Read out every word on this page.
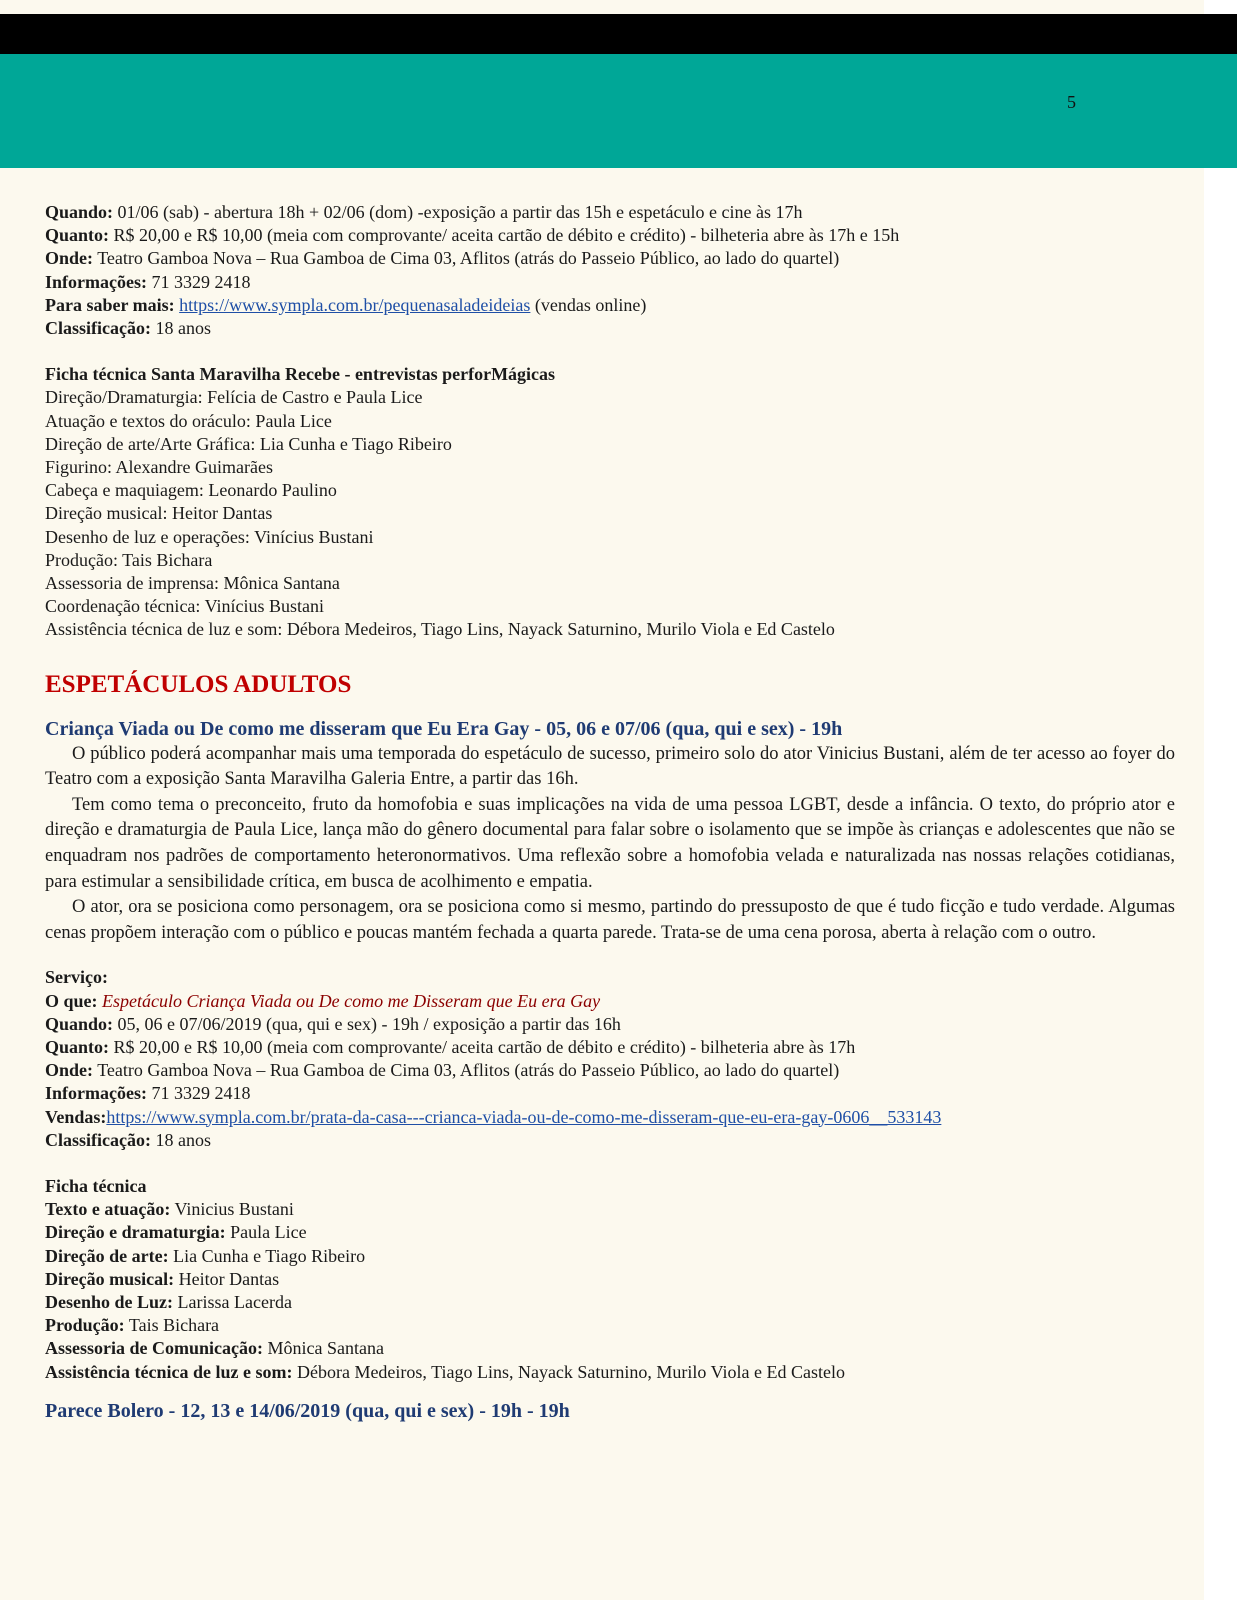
5
Quando: 01/06 (sab) - abertura 18h + 02/06 (dom) -exposição a partir das 15h e espetáculo e cine às 17h
Quanto: R$ 20,00 e R$ 10,00 (meia com comprovante/ aceita cartão de débito e crédito) - bilheteria abre às 17h e 15h
Onde: Teatro Gamboa Nova – Rua Gamboa de Cima 03, Aflitos (atrás do Passeio Público, ao lado do quartel)
Informações: 71 3329 2418
Para saber mais: https://www.sympla.com.br/pequenasaladeideias (vendas online)
Classificação: 18 anos
Ficha técnica Santa Maravilha Recebe - entrevistas perforMágicas
Direção/Dramaturgia: Felícia de Castro e Paula Lice
Atuação e textos do oráculo: Paula Lice
Direção de arte/Arte Gráfica: Lia Cunha e Tiago Ribeiro
Figurino: Alexandre Guimarães
Cabeça e maquiagem: Leonardo Paulino
Direção musical: Heitor Dantas
Desenho de luz e operações: Vinícius Bustani
Produção: Tais Bichara
Assessoria de imprensa: Mônica Santana
Coordenação técnica: Vinícius Bustani
Assistência técnica de luz e som: Débora Medeiros, Tiago Lins, Nayack Saturnino, Murilo Viola e Ed Castelo
ESPETÁCULOS ADULTOS
Criança Viada ou De como me disseram que Eu Era Gay - 05, 06 e 07/06 (qua, qui e sex) - 19h
O público poderá acompanhar mais uma temporada do espetáculo de sucesso, primeiro solo do ator Vinicius Bustani, além de ter acesso ao foyer do Teatro com a exposição Santa Maravilha Galeria Entre, a partir das 16h.
Tem como tema o preconceito, fruto da homofobia e suas implicações na vida de uma pessoa LGBT, desde a infância. O texto, do próprio ator e direção e dramaturgia de Paula Lice, lança mão do gênero documental para falar sobre o isolamento que se impõe às crianças e adolescentes que não se enquadram nos padrões de comportamento heteronormativos. Uma reflexão sobre a homofobia velada e naturalizada nas nossas relações cotidianas, para estimular a sensibilidade crítica, em busca de acolhimento e empatia.
O ator, ora se posiciona como personagem, ora se posiciona como si mesmo, partindo do pressuposto de que é tudo ficção e tudo verdade. Algumas cenas propõem interação com o público e poucas mantém fechada a quarta parede. Trata-se de uma cena porosa, aberta à relação com o outro.
Serviço:
O que: Espetáculo Criança Viada ou De como me Disseram que Eu era Gay
Quando: 05, 06 e 07/06/2019 (qua, qui e sex) - 19h / exposição a partir das 16h
Quanto: R$ 20,00 e R$ 10,00 (meia com comprovante/ aceita cartão de débito e crédito) - bilheteria abre às 17h
Onde: Teatro Gamboa Nova – Rua Gamboa de Cima 03, Aflitos (atrás do Passeio Público, ao lado do quartel)
Informações: 71 3329 2418
Vendas:https://www.sympla.com.br/prata-da-casa---crianca-viada-ou-de-como-me-disseram-que-eu-era-gay-0606__533143
Classificação: 18 anos
Ficha técnica
Texto e atuação: Vinicius Bustani
Direção e dramaturgia: Paula Lice
Direção de arte: Lia Cunha e Tiago Ribeiro
Direção musical: Heitor Dantas
Desenho de Luz: Larissa Lacerda
Produção: Tais Bichara
Assessoria de Comunicação: Mônica Santana
Assistência técnica de luz e som: Débora Medeiros, Tiago Lins, Nayack Saturnino, Murilo Viola e Ed Castelo
Parece Bolero - 12, 13 e 14/06/2019 (qua, qui e sex) - 19h - 19h
